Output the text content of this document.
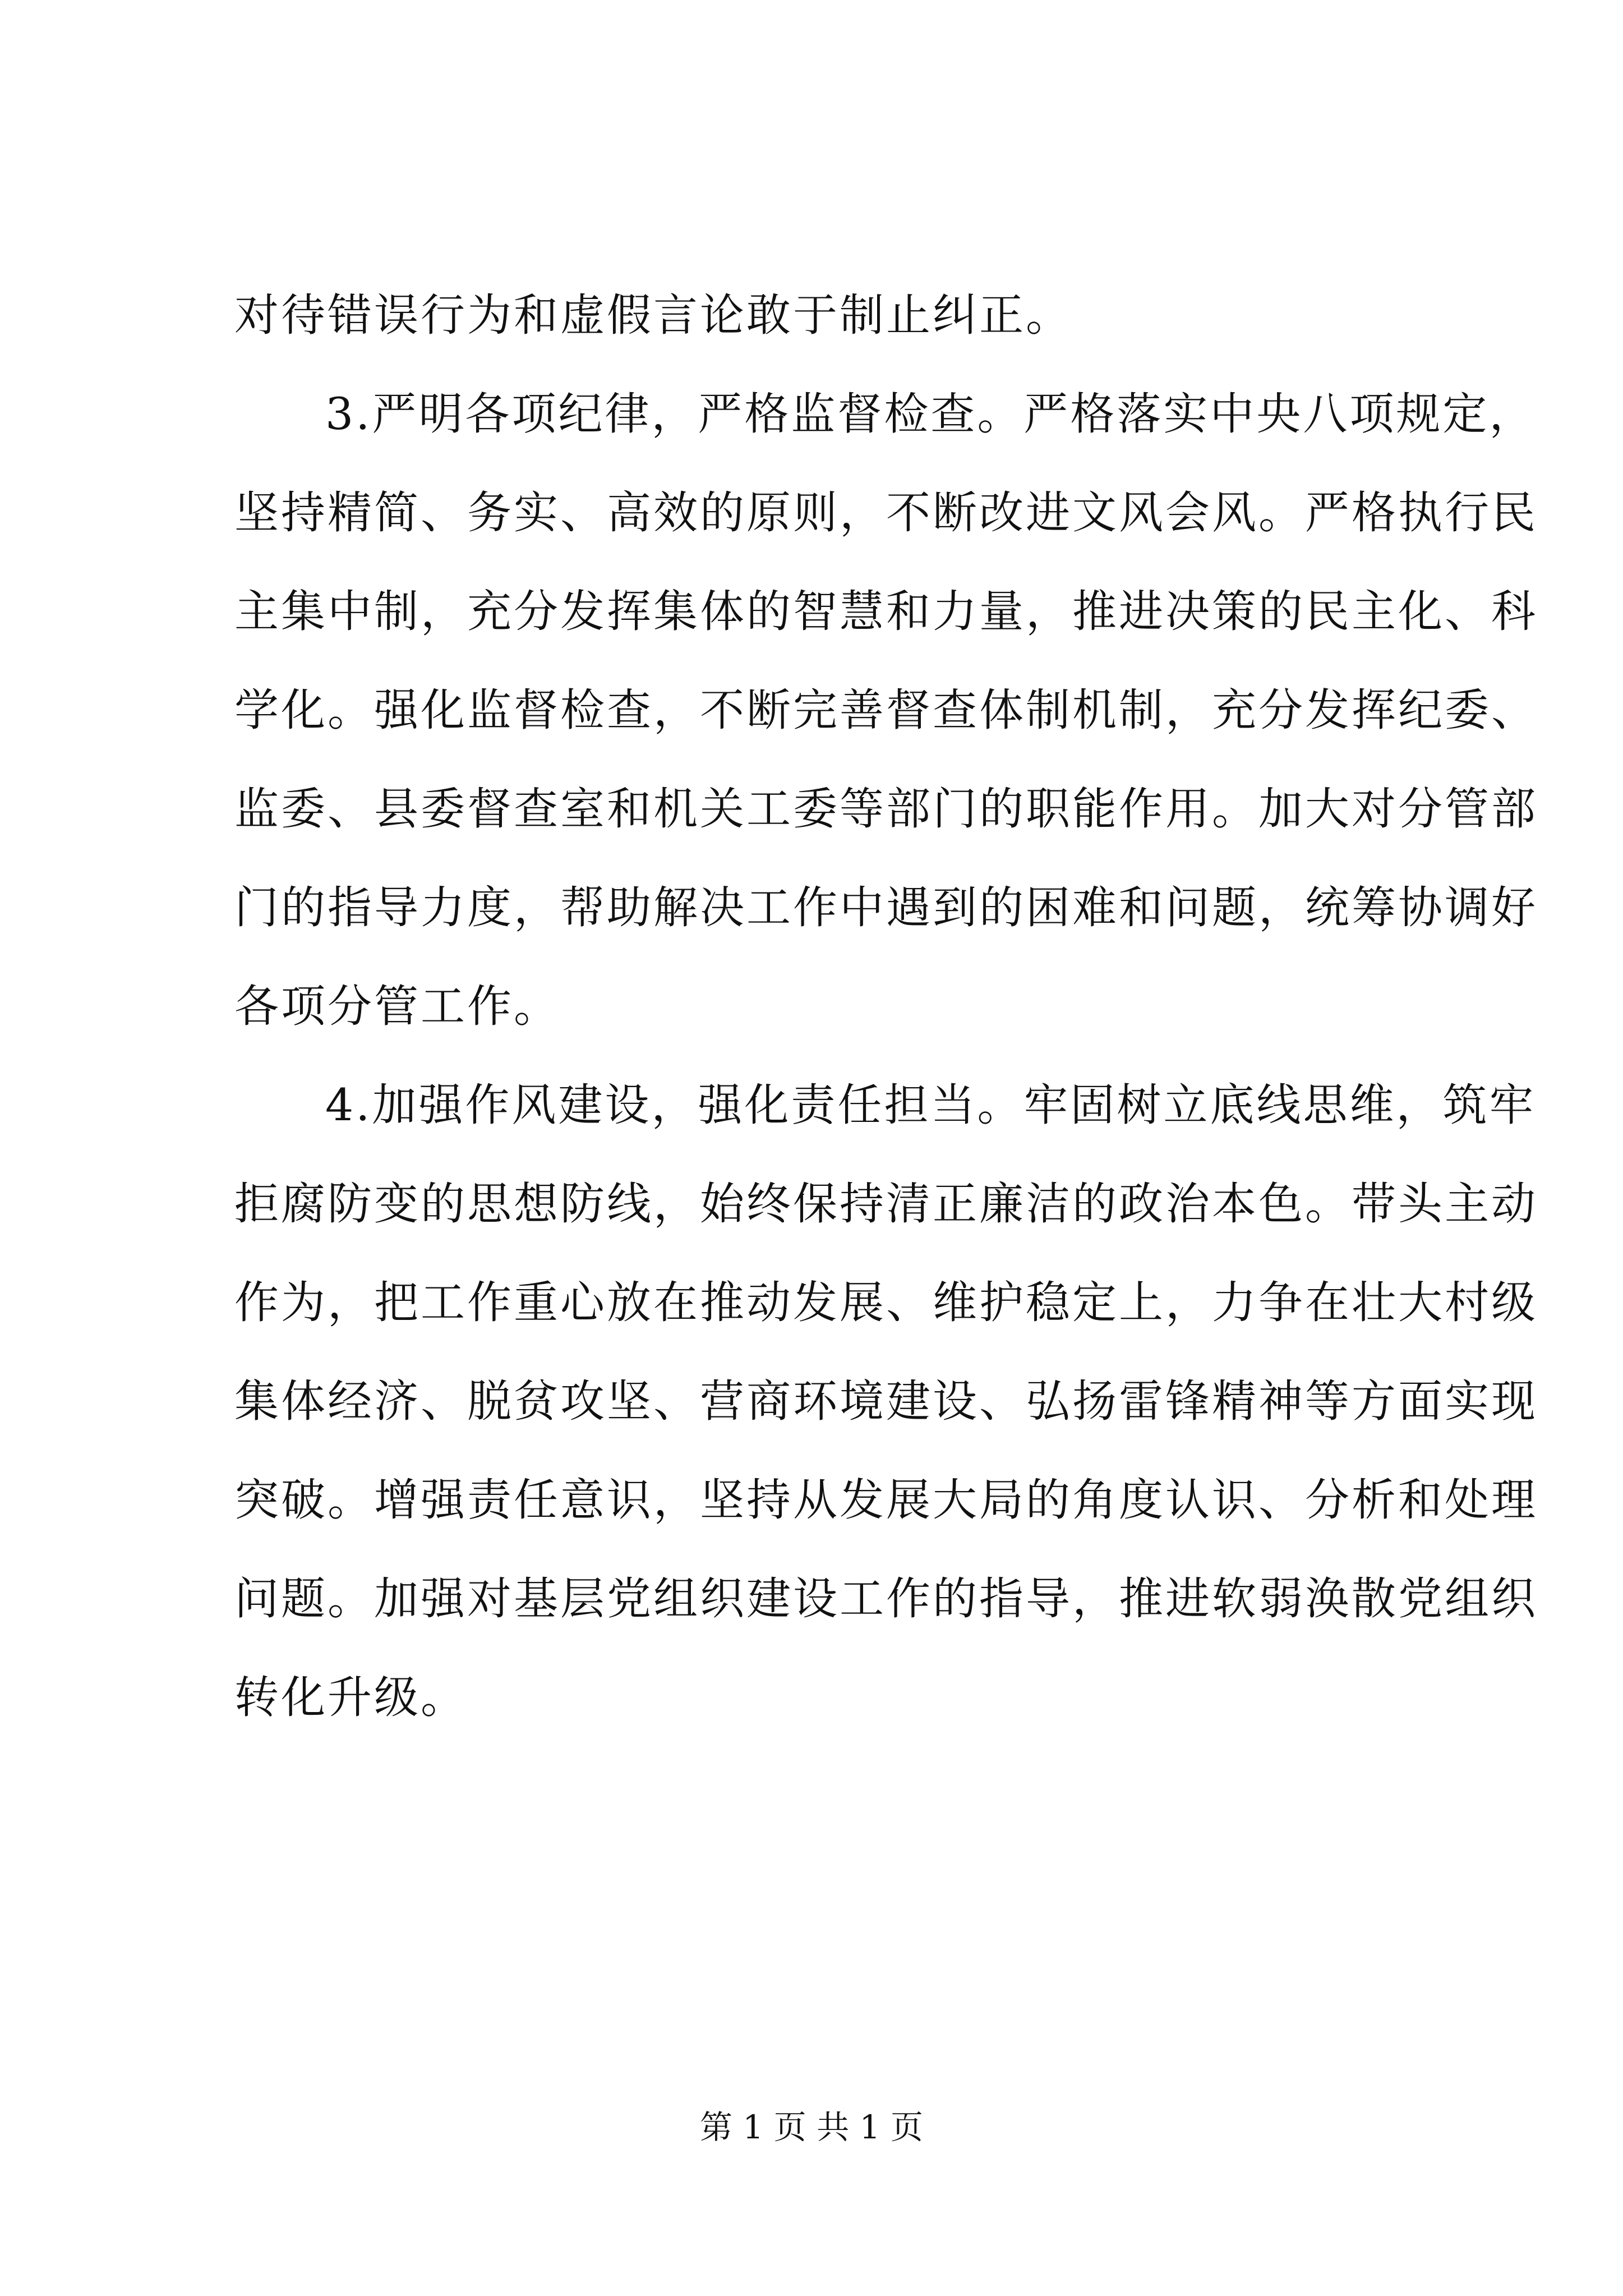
对待错误行为和虚假言论敢于制止纠正。
3.严明各项纪律，严格监督检查。严格落实中央八项规定，
坚持精简、务实、高效的原则，不断改进文风会风。严格执行民
主集中制，充分发挥集体的智慧和力量，推进决策的民主化、科
学化。强化监督检查，不断完善督查体制机制，充分发挥纪委、
监委、县委督查室和机关工委等部门的职能作用。加大对分管部
门的指导力度，帮助解决工作中遇到的困难和问题，统筹协调好
各项分管工作。
4.加强作风建设，强化责任担当。牢固树立底线思维，筑牢
拒腐防变的思想防线，始终保持清正廉洁的政治本色。带头主动
作为，把工作重心放在推动发展、维护稳定上，力争在壮大村级
集体经济、脱贫攻坚、营商环境建设、弘扬雷锋精神等方面实现
突破。增强责任意识，坚持从发展大局的角度认识、分析和处理
问题。加强对基层党组织建设工作的指导，推进软弱涣散党组织
转化升级。
第 1 页 共 1 页
